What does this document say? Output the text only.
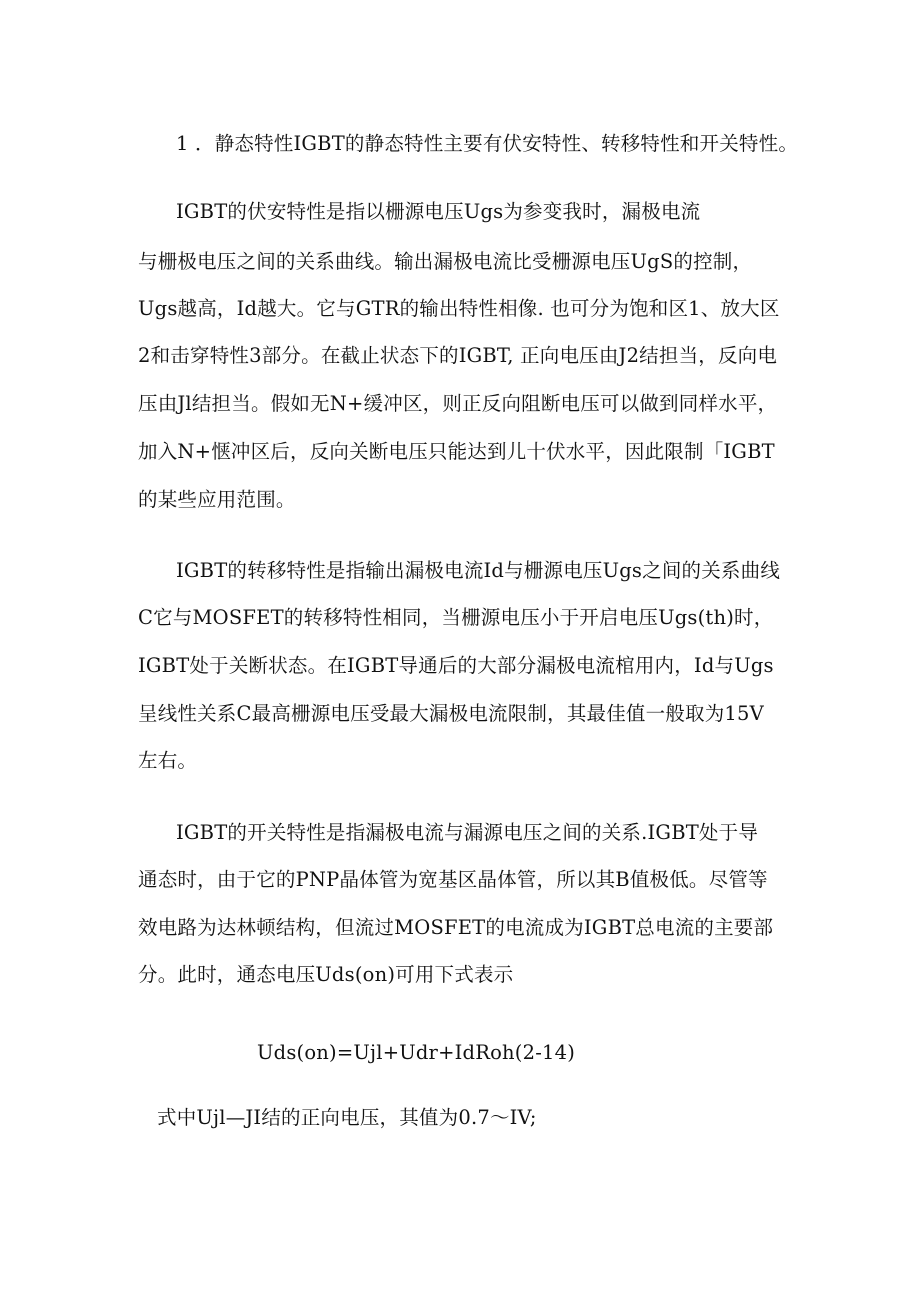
1 ．静态特性IGBT的静态特性主要有伏安特性、转移特性和开关特性。
IGBT的伏安特性是指以栅源电压Ugs为参变我时，漏极电流
与栅极电压之间的关系曲线。输出漏极电流比受栅源电压UgS的控制，
Ugs越高，Id越大。它与GTR的输出特性相像. 也可分为饱和区1、放大区
2和击穿特性3部分。在截止状态下的IGBT, 正向电压由J2结担当，反向电
压由Jl结担当。假如无N+缓冲区，则正反向阻断电压可以做到同样水平，
加入N+惬冲区后，反向关断电压只能达到儿十伏水平，因此限制「IGBT
的某些应用范围。
IGBT的转移特性是指输出漏极电流Id与栅源电压Ugs之间的关系曲线
C它与MOSFET的转移特性相同，当栅源电压小于开启电压Ugs(th)时，
IGBT处于关断状态。在IGBT导通后的大部分漏极电流棺用内，Id与Ugs
呈线性关系C最高栅源电压受最大漏极电流限制，其最佳值一般取为15V
左右。
IGBT的开关特性是指漏极电流与漏源电压之间的关系.IGBT处于导
通态时，由于它的PNP晶体管为宽基区晶体管，所以其B值极低。尽管等
效电路为达林顿结构，但流过MOSFET的电流成为IGBT总电流的主要部
分。此时，通态电压Uds(on)可用下式表示
Uds(on)=Ujl+Udr+IdRoh(2-14)
式中Ujl—JI结的正向电压，其值为0.7～IV;
